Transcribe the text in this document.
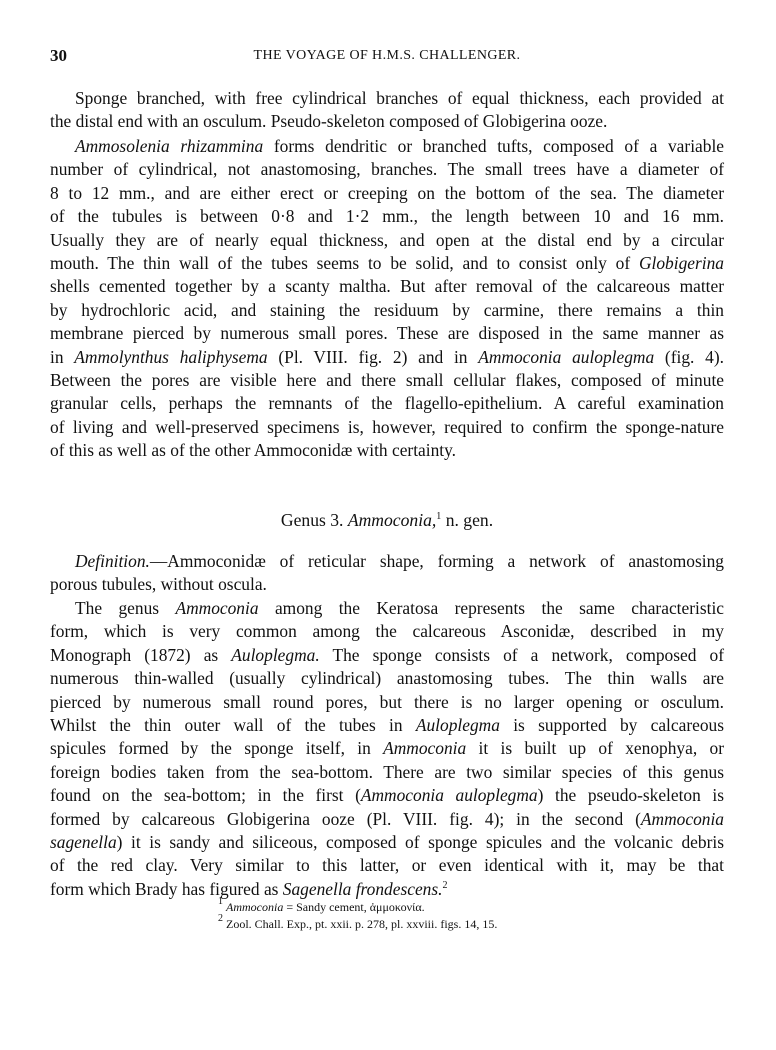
30	THE VOYAGE OF H.M.S. CHALLENGER.

Sponge branched, with free cylindrical branches of equal thickness, each provided at
the distal end with an osculum. Pseudo-skeleton composed of Globigerina ooze.

Ammosolenia rhizammina forms dendritic or branched tufts, composed of a variable
number of cylindrical, not anastomosing, branches. The small trees have a diameter of
8 to 12 mm., and are either erect or creeping on the bottom of the sea. The diameter
of the tubules is between 0·8 and 1·2 mm., the length between 10 and 16 mm.
Usually they are of nearly equal thickness, and open at the distal end by a circular
mouth. The thin wall of the tubes seems to be solid, and to consist only of Globigerina
shells cemented together by a scanty maltha. But after removal of the calcareous matter
by hydrochloric acid, and staining the residuum by carmine, there remains a thin
membrane pierced by numerous small pores. These are disposed in the same manner as
in Ammolynthus haliphysema (Pl. VIII. fig. 2) and in Ammoconia auloplegma (fig. 4).
Between the pores are visible here and there small cellular flakes, composed of minute
granular cells, perhaps the remnants of the flagello-epithelium. A careful examination
of living and well-preserved specimens is, however, required to confirm the sponge-nature
of this as well as of the other Ammoconidæ with certainty.

Genus 3. Ammoconia,$^1$ n. gen.

Definition.—Ammoconidæ of reticular shape, forming a network of anastomosing
porous tubules, without oscula.

The genus Ammoconia among the Keratosa represents the same characteristic
form, which is very common among the calcareous Asconidæ, described in my
Monograph (1872) as Auloplegma. The sponge consists of a network, composed of
numerous thin-walled (usually cylindrical) anastomosing tubes. The thin walls are
pierced by numerous small round pores, but there is no larger opening or osculum.
Whilst the thin outer wall of the tubes in Auloplegma is supported by calcareous
spicules formed by the sponge itself, in Ammoconia it is built up of xenophya, or
foreign bodies taken from the sea-bottom. There are two similar species of this genus
found on the sea-bottom; in the first (Ammoconia auloplegma) the pseudo-skeleton is
formed by calcareous Globigerina ooze (Pl. VIII. fig. 4); in the second (Ammoconia
sagenella) it is sandy and siliceous, composed of sponge spicules and the volcanic debris
of the red clay. Very similar to this latter, or even identical with it, may be that
form which Brady has figured as Sagenella frondescens.$^2$

$^1$ Ammoconia = Sandy cement, ἀμμοκονία.
$^2$ Zool. Chall. Exp., pt. xxii. p. 278, pl. xxviii. figs. 14, 15.
